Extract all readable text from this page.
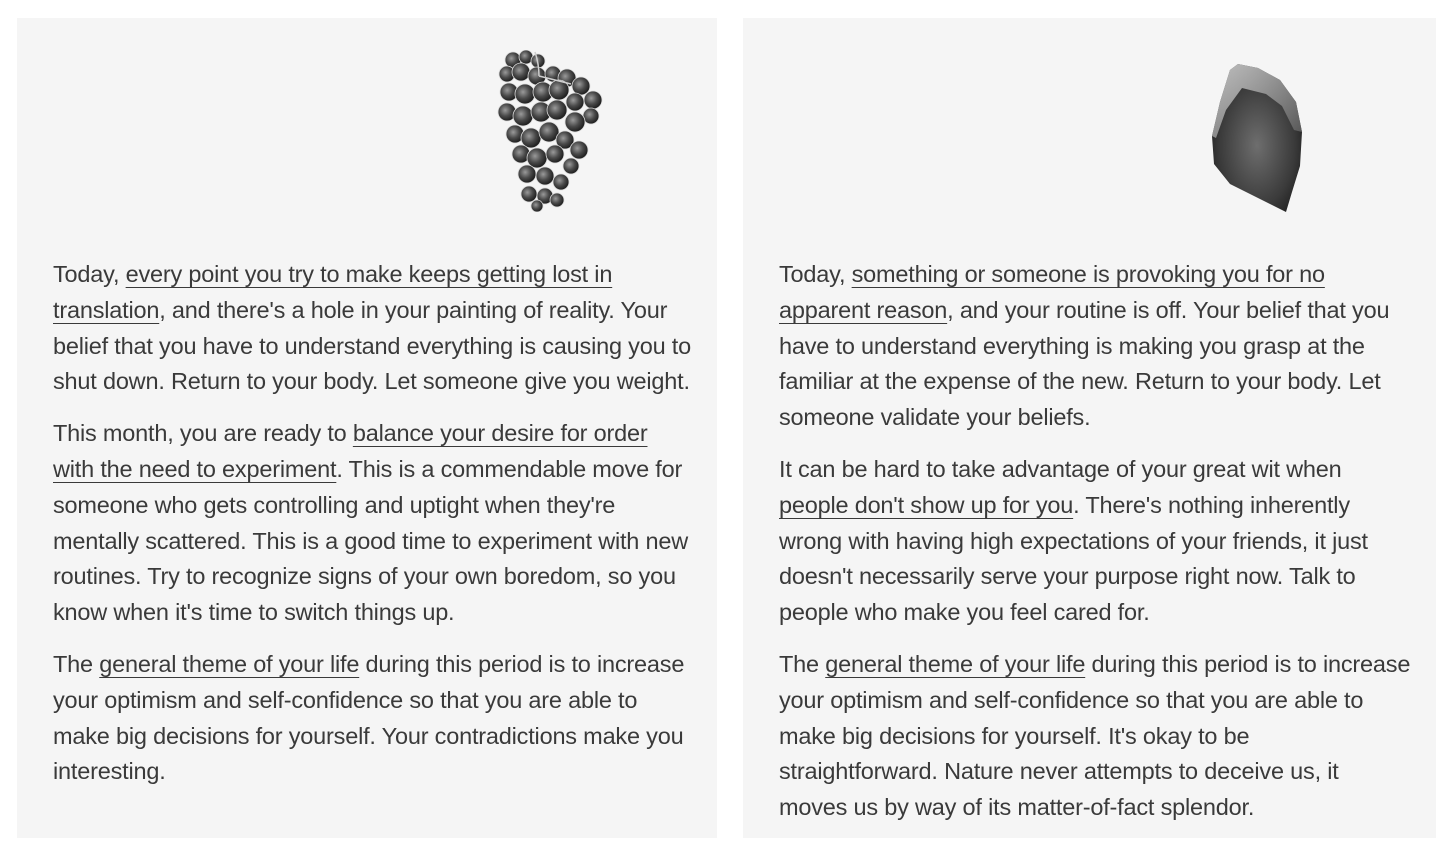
Today, every point you try to make keeps getting lost in translation, and there's a hole in your painting of reality. Your belief that you have to understand everything is causing you to shut down. Return to your body. Let someone give you weight.

This month, you are ready to balance your desire for order with the need to experiment. This is a commendable move for someone who gets controlling and uptight when they're mentally scattered. This is a good time to experiment with new routines. Try to recognize signs of your own boredom, so you know when it's time to switch things up.

The general theme of your life during this period is to increase your optimism and self-confidence so that you are able to make big decisions for yourself. Your contradictions make you interesting.

Today, something or someone is provoking you for no apparent reason, and your routine is off. Your belief that you have to understand everything is making you grasp at the familiar at the expense of the new. Return to your body. Let someone validate your beliefs.

It can be hard to take advantage of your great wit when people don't show up for you. There's nothing inherently wrong with having high expectations of your friends, it just doesn't necessarily serve your purpose right now. Talk to people who make you feel cared for.

The general theme of your life during this period is to increase your optimism and self-confidence so that you are able to make big decisions for yourself. It's okay to be straightforward. Nature never attempts to deceive us, it moves us by way of its matter-of-fact splendor.
